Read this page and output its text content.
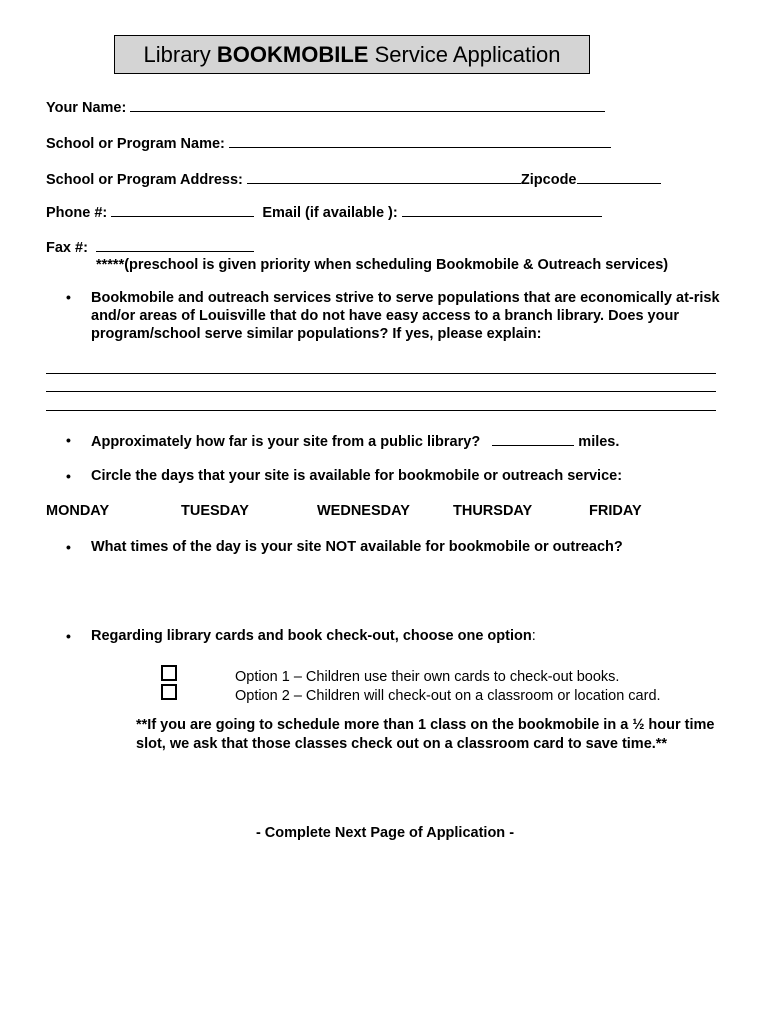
Library
BOOKMOBILE
Service Application
Your Name:
School or Program Name:
School or Program Address:	Zipcode
Phone #:	Email (if available ):
Fax #:
*****(preschool is given priority when scheduling Bookmobile & Outreach services)
• Bookmobile and outreach services strive to serve populations that are economically at-risk and/or areas of Louisville that do not have easy access to a branch library. Does your program/school serve similar populations? If yes, please explain:
• Approximately how far is your site from a public library?	miles.
• Circle the days that your site is available for bookmobile or outreach service:
MONDAY	TUESDAY	WEDNESDAY	THURSDAY	FRIDAY
• What times of the day is your site NOT available for bookmobile or outreach?
• Regarding library cards and book check-out, choose one option:
Option 1 – Children use their own cards to check-out books.
Option 2 – Children will check-out on a classroom or location card.
**If you are going to schedule more than 1 class on the bookmobile in a ½ hour time slot, we ask that those classes check out on a classroom card to save time.**
- Complete Next Page of Application -
